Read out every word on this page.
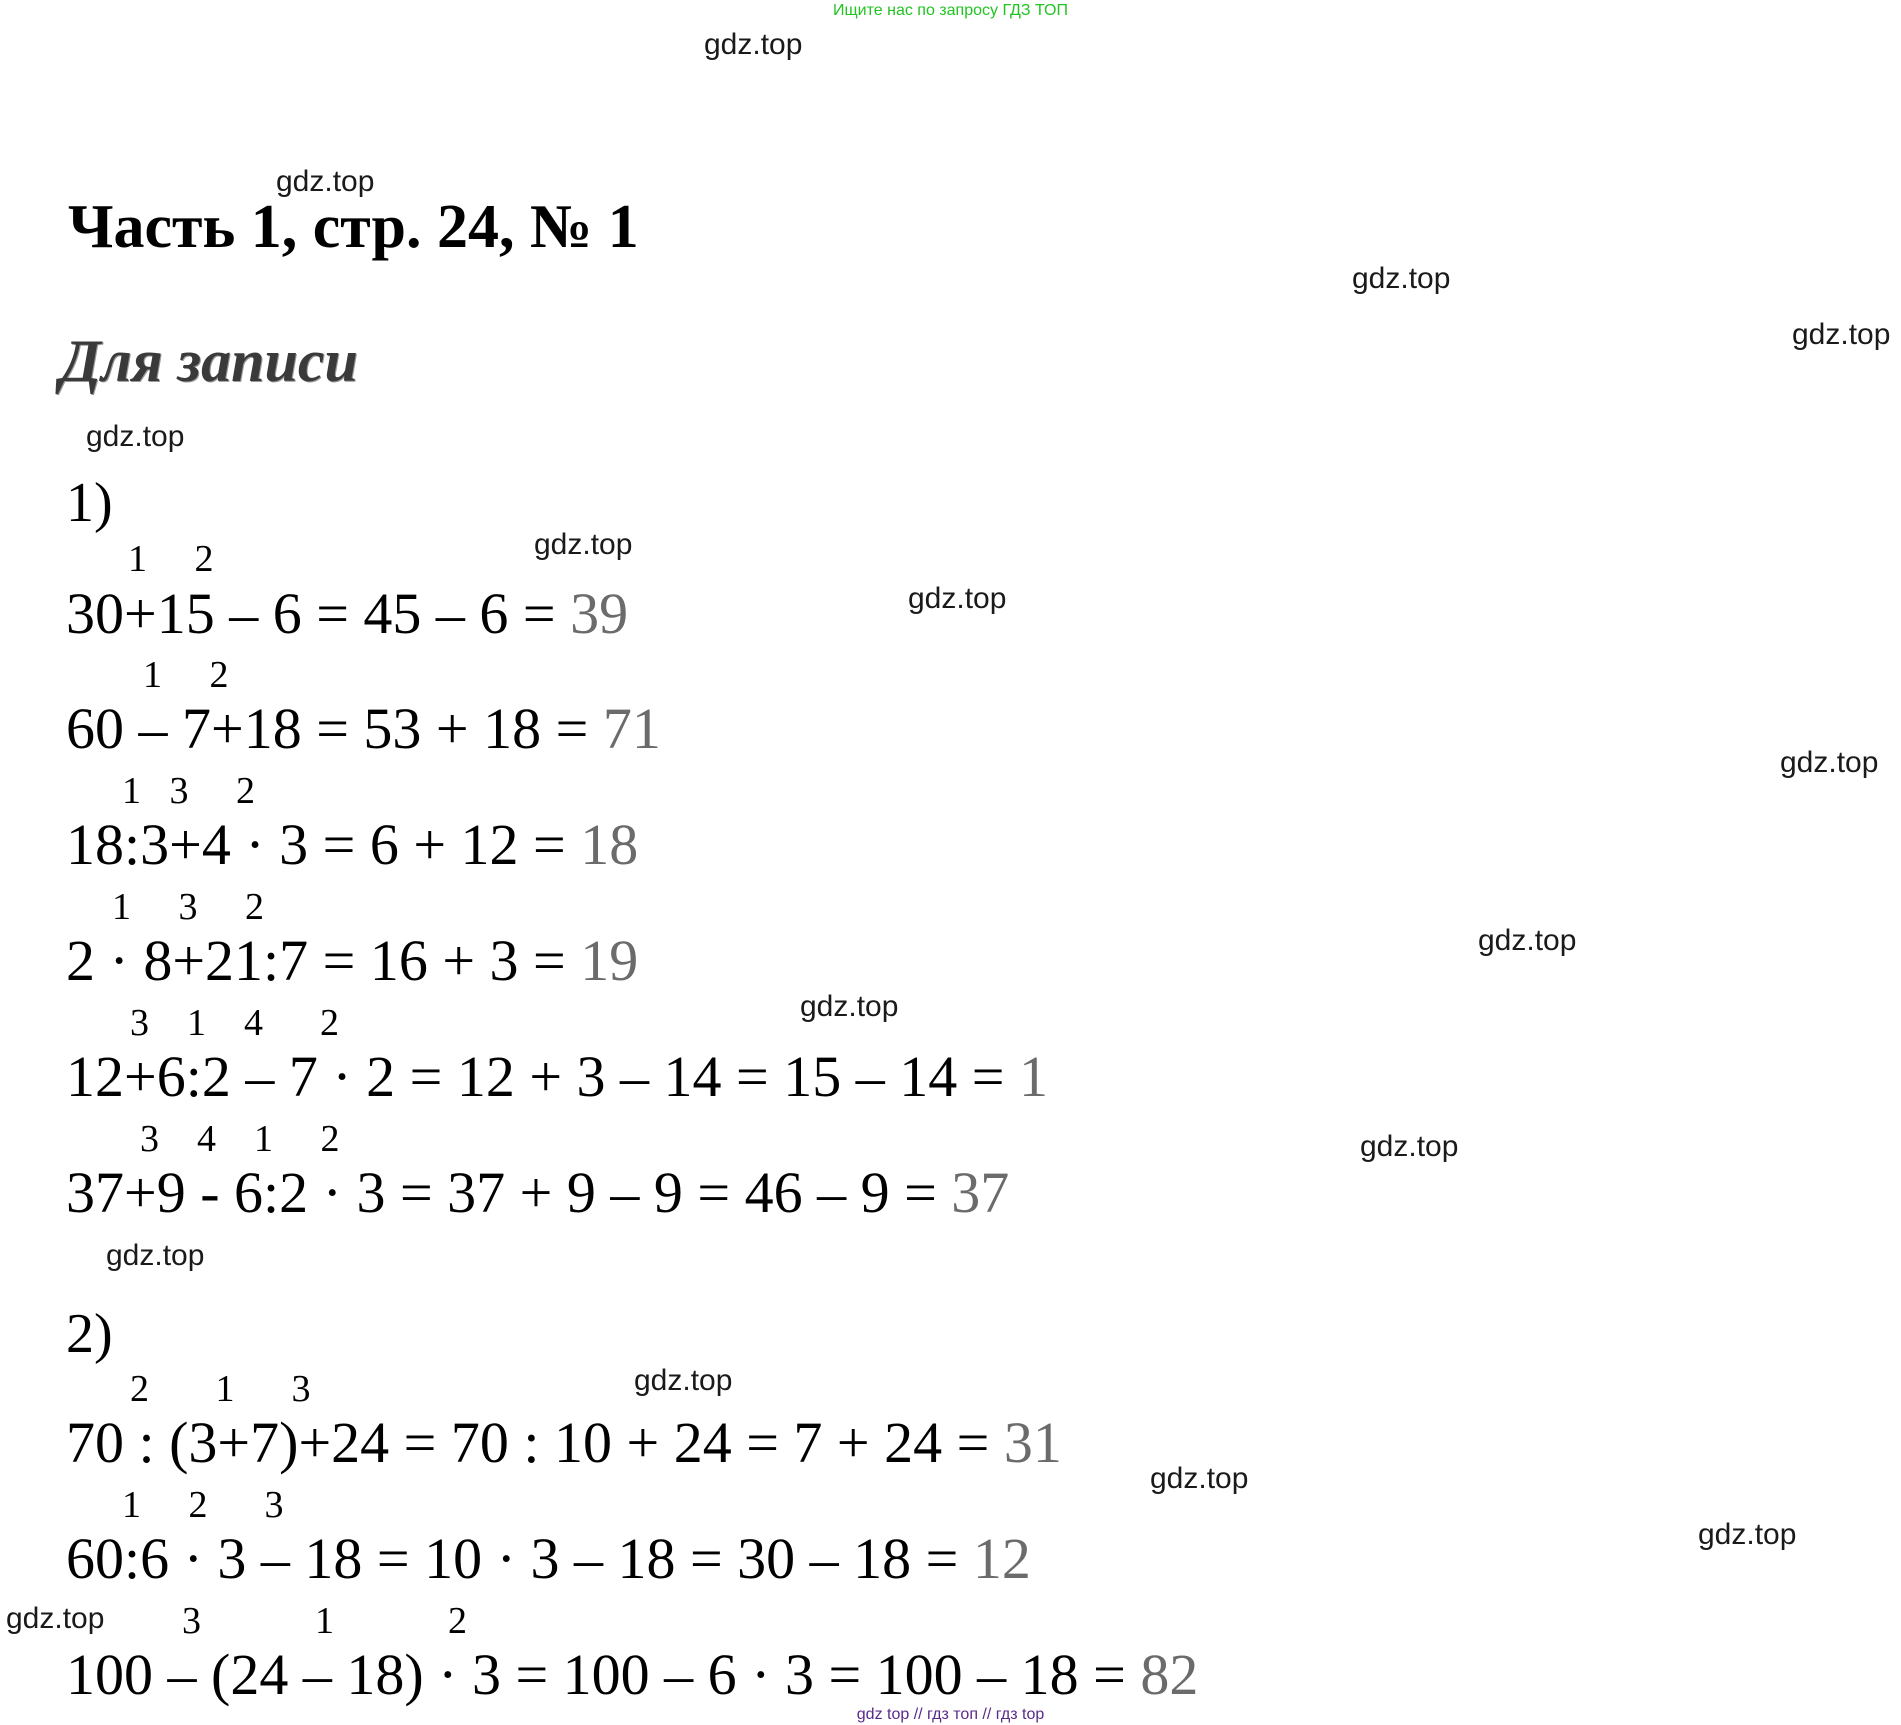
Ищите нас по запросу ГДЗ ТОП
gdz.top
gdz.top
gdz.top
gdz.top
gdz.top
gdz.top
gdz.top
gdz.top
gdz.top
gdz.top
gdz.top
gdz.top
gdz.top
gdz.top
gdz.top
gdz.top
Часть 1, стр. 24, № 1
Для записи
1)
1     2
30+15 – 6 = 45 – 6 = 39
1     2
60 – 7+18 = 53 + 18 = 71
1   3     2
18:3+4 · 3 = 6 + 12 = 18
1     3     2
2 · 8+21:7 = 16 + 3 = 19
3    1    4      2
12+6:2 – 7 · 2 = 12 + 3 – 14 = 15 – 14 = 1
3    4    1     2
37+9 - 6:2 · 3 = 37 + 9 – 9 = 46 – 9 = 37
2)
2       1      3
70 : (3+7)+24 = 70 : 10 + 24 = 7 + 24 = 31
1     2      3
60:6 · 3 – 18 = 10 · 3 – 18 = 30 – 18 = 12
3            1            2
100 – (24 – 18) · 3 = 100 – 6 · 3 = 100 – 18 = 82
gdz top // гдз топ // гдз top
